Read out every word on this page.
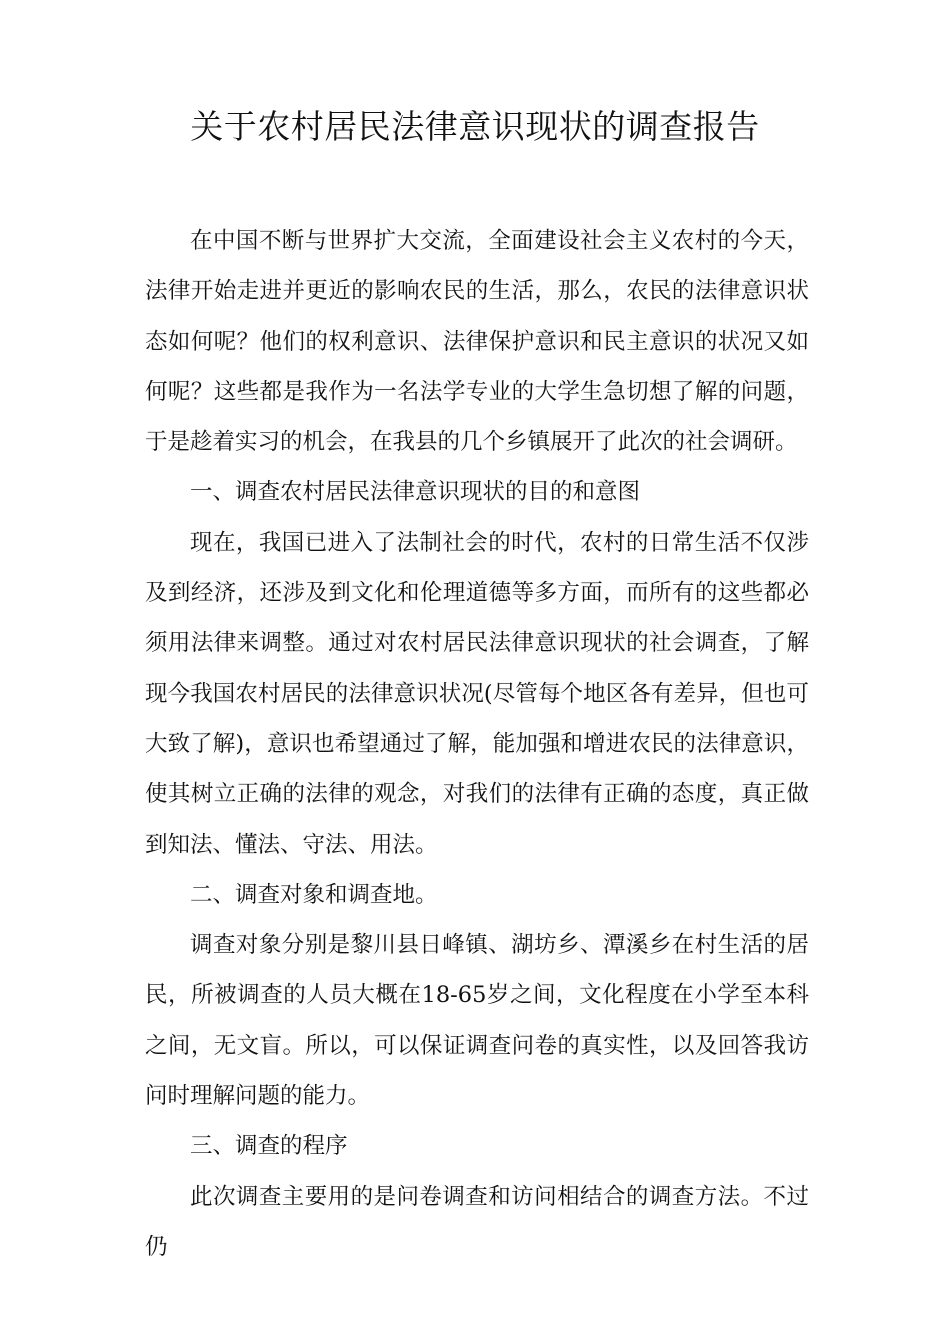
关于农村居民法律意识现状的调查报告

在中国不断与世界扩大交流，全面建设社会主义农村的今天，法律开始走进并更近的影响农民的生活，那么，农民的法律意识状态如何呢？他们的权利意识、法律保护意识和民主意识的状况又如何呢？这些都是我作为一名法学专业的大学生急切想了解的问题，于是趁着实习的机会，在我县的几个乡镇展开了此次的社会调研。

一、调查农村居民法律意识现状的目的和意图

现在，我国已进入了法制社会的时代，农村的日常生活不仅涉及到经济，还涉及到文化和伦理道德等多方面，而所有的这些都必须用法律来调整。通过对农村居民法律意识现状的社会调查，了解现今我国农村居民的法律意识状况(尽管每个地区各有差异，但也可大致了解)，意识也希望通过了解，能加强和增进农民的法律意识，使其树立正确的法律的观念，对我们的法律有正确的态度，真正做到知法、懂法、守法、用法。

二、调查对象和调查地。

调查对象分别是黎川县日峰镇、湖坊乡、潭溪乡在村生活的居民，所被调查的人员大概在18-65岁之间，文化程度在小学至本科之间，无文盲。所以，可以保证调查问卷的真实性，以及回答我访问时理解问题的能力。

三、调查的程序

此次调查主要用的是问卷调查和访问相结合的调查方法。不过仍
